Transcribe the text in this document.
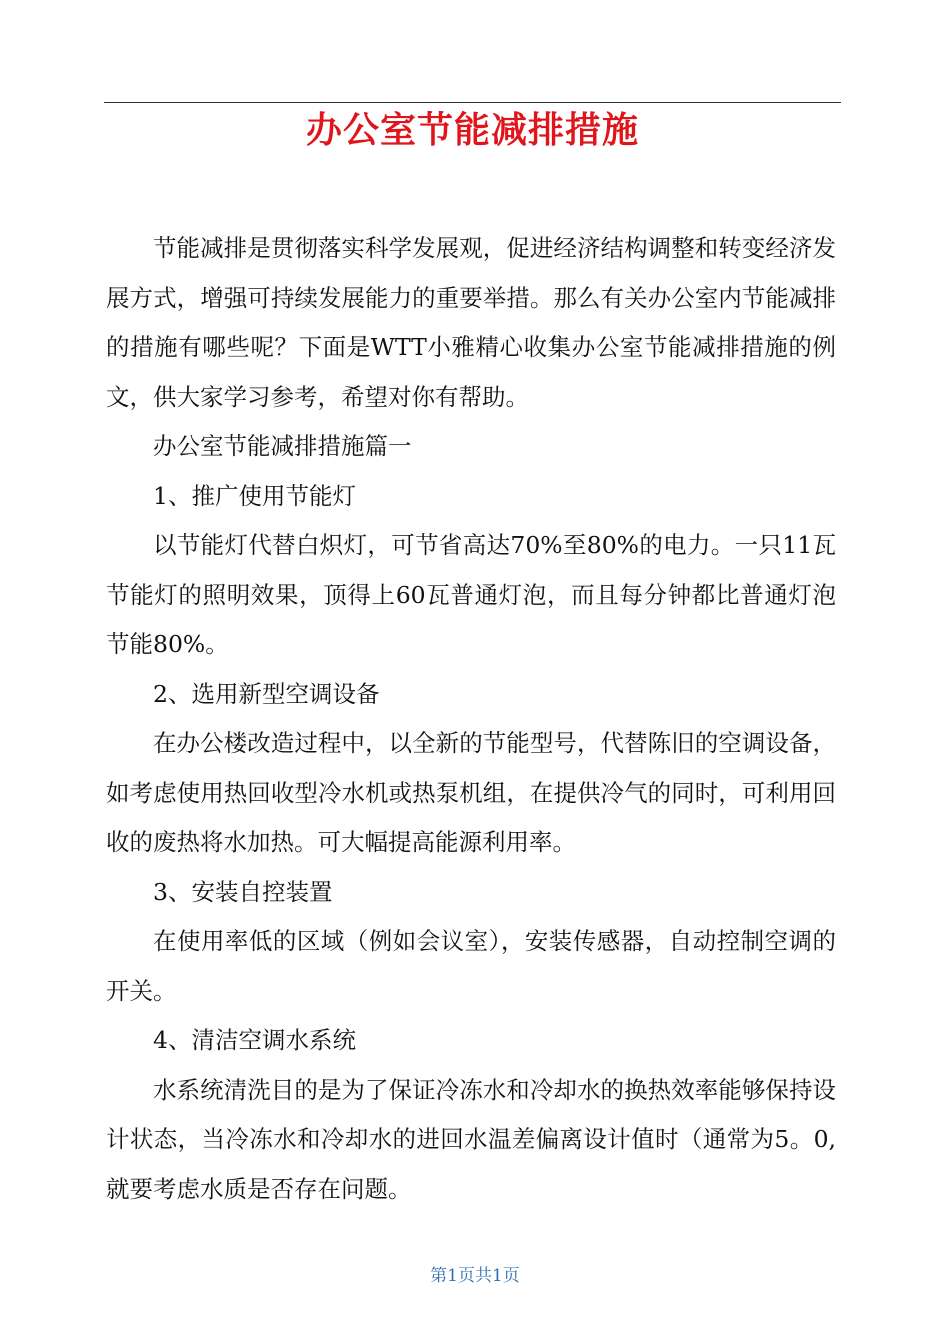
办公室节能减排措施

节能减排是贯彻落实科学发展观，促进经济结构调整和转变经济发展方式，增强可持续发展能力的重要举措。那么有关办公室内节能减排的措施有哪些呢？下面是WTT小雅精心收集办公室节能减排措施的例文，供大家学习参考，希望对你有帮助。

办公室节能减排措施篇一

1、推广使用节能灯

以节能灯代替白炽灯，可节省高达70%至80%的电力。一只11瓦节能灯的照明效果，顶得上60瓦普通灯泡，而且每分钟都比普通灯泡节能80%。

2、选用新型空调设备

在办公楼改造过程中，以全新的节能型号，代替陈旧的空调设备，如考虑使用热回收型冷水机或热泵机组，在提供冷气的同时，可利用回收的废热将水加热。可大幅提高能源利用率。

3、安装自控装置

在使用率低的区域（例如会议室），安装传感器，自动控制空调的开关。

4、清洁空调水系统

水系统清洗目的是为了保证冷冻水和冷却水的换热效率能够保持设计状态，当冷冻水和冷却水的进回水温差偏离设计值时（通常为5。0,就要考虑水质是否存在问题。

第1页共1页
